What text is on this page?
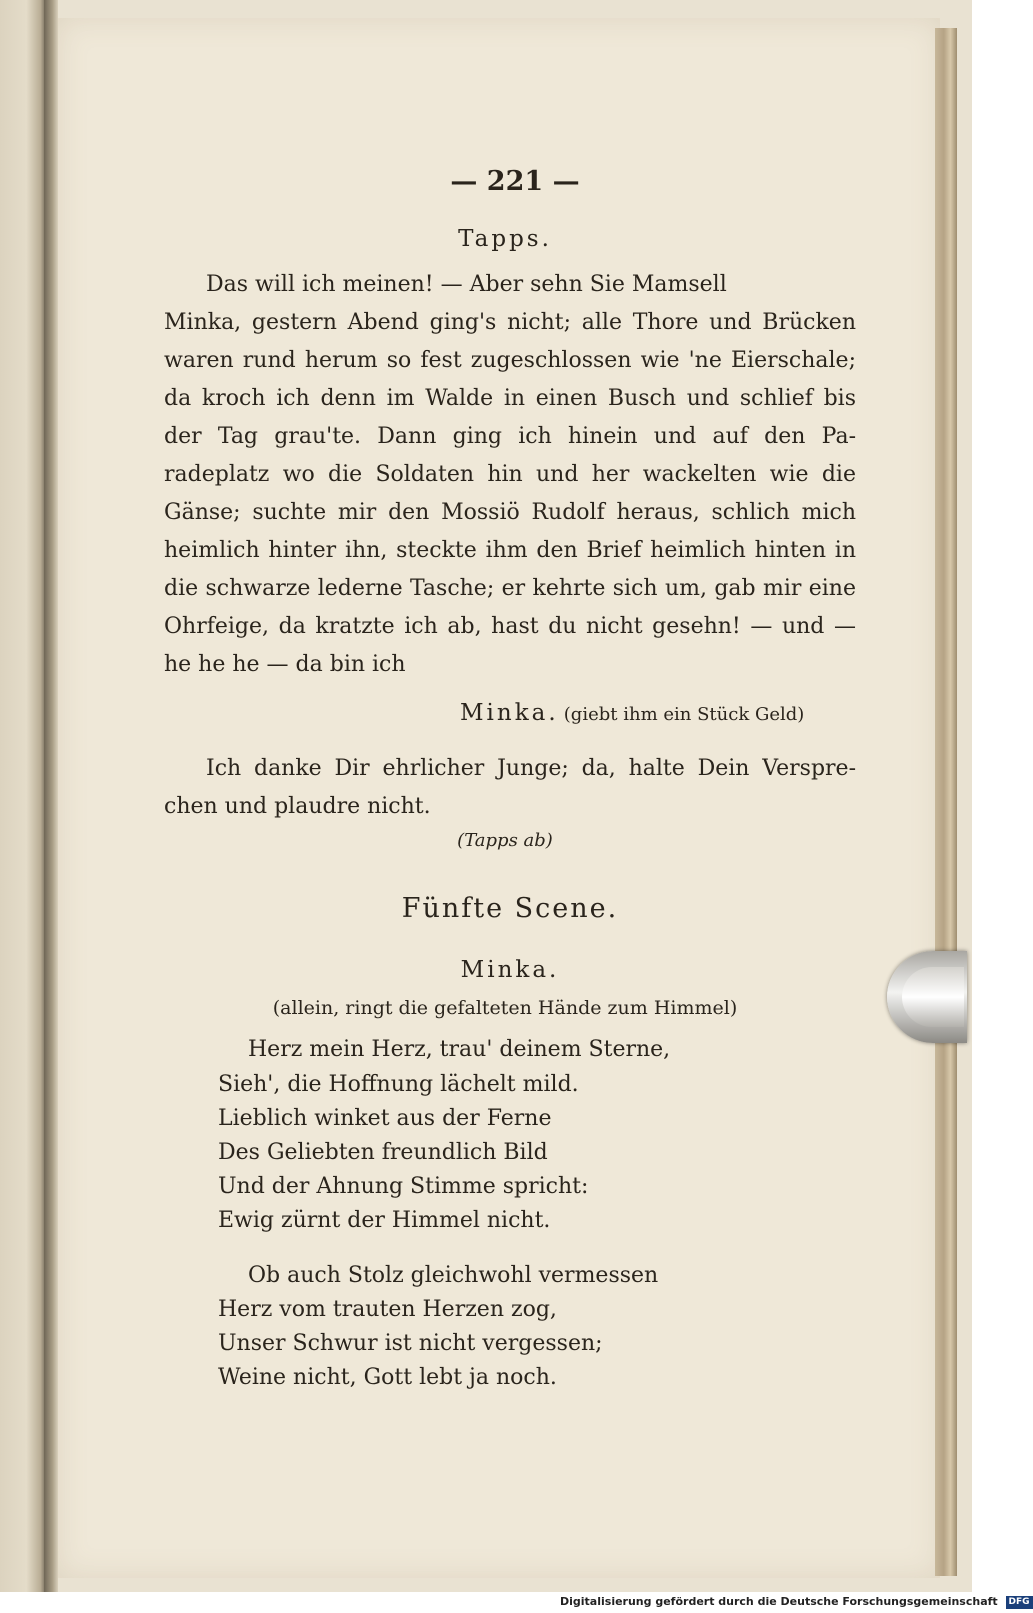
— 221 —
Tapps.
Das will ich meinen! — Aber sehn Sie Mamsell
Minka, gestern Abend ging's nicht; alle Thore und Brücken
waren rund herum so fest zugeschlossen wie 'ne Eierschale;
da kroch ich denn im Walde in einen Busch und schlief bis
der Tag grau'te. Dann ging ich hinein und auf den Pa-
radeplatz wo die Soldaten hin und her wackelten wie die
Gänse; suchte mir den Mossiö Rudolf heraus, schlich mich
heimlich hinter ihn, steckte ihm den Brief heimlich hinten in
die schwarze lederne Tasche; er kehrte sich um, gab mir eine
Ohrfeige, da kratzte ich ab, hast du nicht gesehn! — und —
he he he — da bin ich
Minka. (giebt ihm ein Stück Geld)
Ich danke Dir ehrlicher Junge; da, halte Dein Verspre-
chen und plaudre nicht.
(Tapps ab)
Fünfte Scene.
Minka.
(allein, ringt die gefalteten Hände zum Himmel)
Herz mein Herz, trau' deinem Sterne,
Sieh', die Hoffnung lächelt mild.
Lieblich winket aus der Ferne
Des Geliebten freundlich Bild
Und der Ahnung Stimme spricht:
Ewig zürnt der Himmel nicht.
Ob auch Stolz gleichwohl vermessen
Herz vom trauten Herzen zog,
Unser Schwur ist nicht vergessen;
Weine nicht, Gott lebt ja noch.
Digitalisierung gefördert durch die Deutsche Forschungsgemeinschaft DFG
